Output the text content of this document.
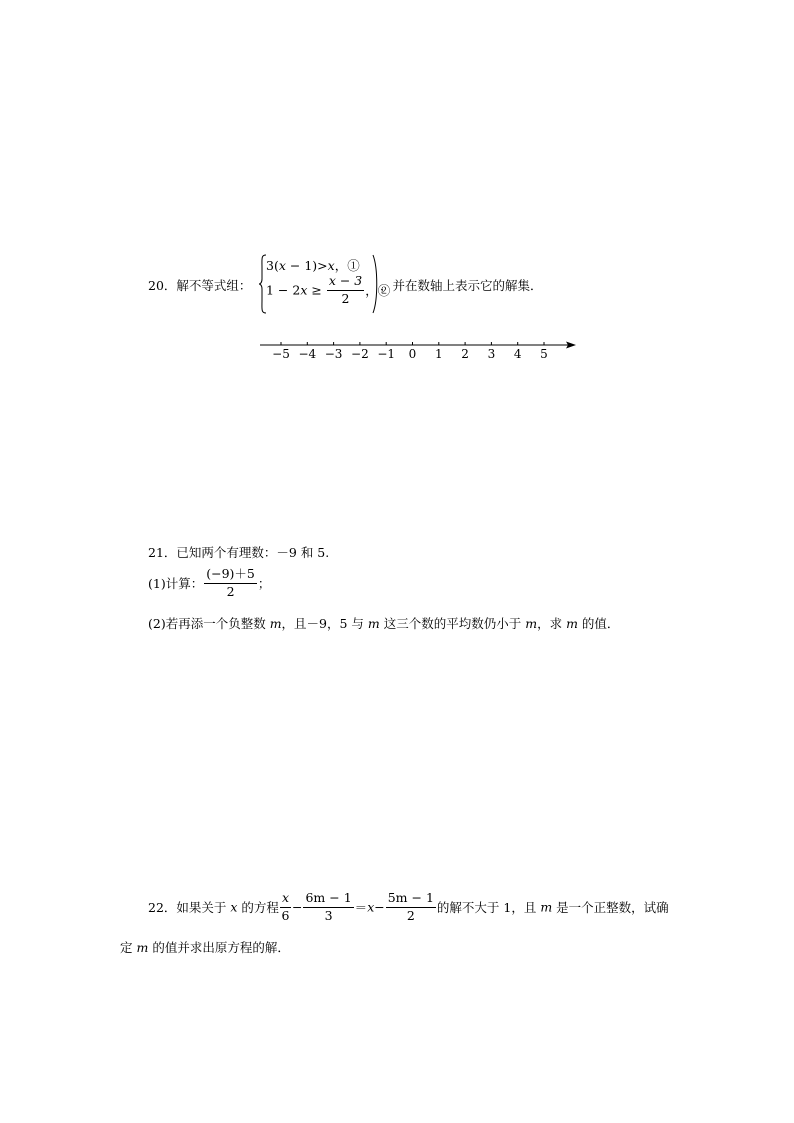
20．解不等式组：
3(x − 1)>x，①
$1 - 2x \ge \frac{x - 3}{2}$ ，②
，并在数轴上表示它的解集．
−5 −4 −3 −2 −1 0 1 2 3 4 5
21．已知两个有理数：－9 和 5.
(1)计算： $\frac{(-9)+5}{2}$ ；
(2)若再添一个负整数 m，且－9，5 与 m 这三个数的平均数仍小于 m，求 m 的值．
22．如果关于 x 的方程 $\frac{x}{6} - \frac{6m - 1}{3} =x- \frac{5m - 1}{2}$ 的解不大于 1，且 m 是一个正整数，试确
定 m 的值并求出原方程的解．
